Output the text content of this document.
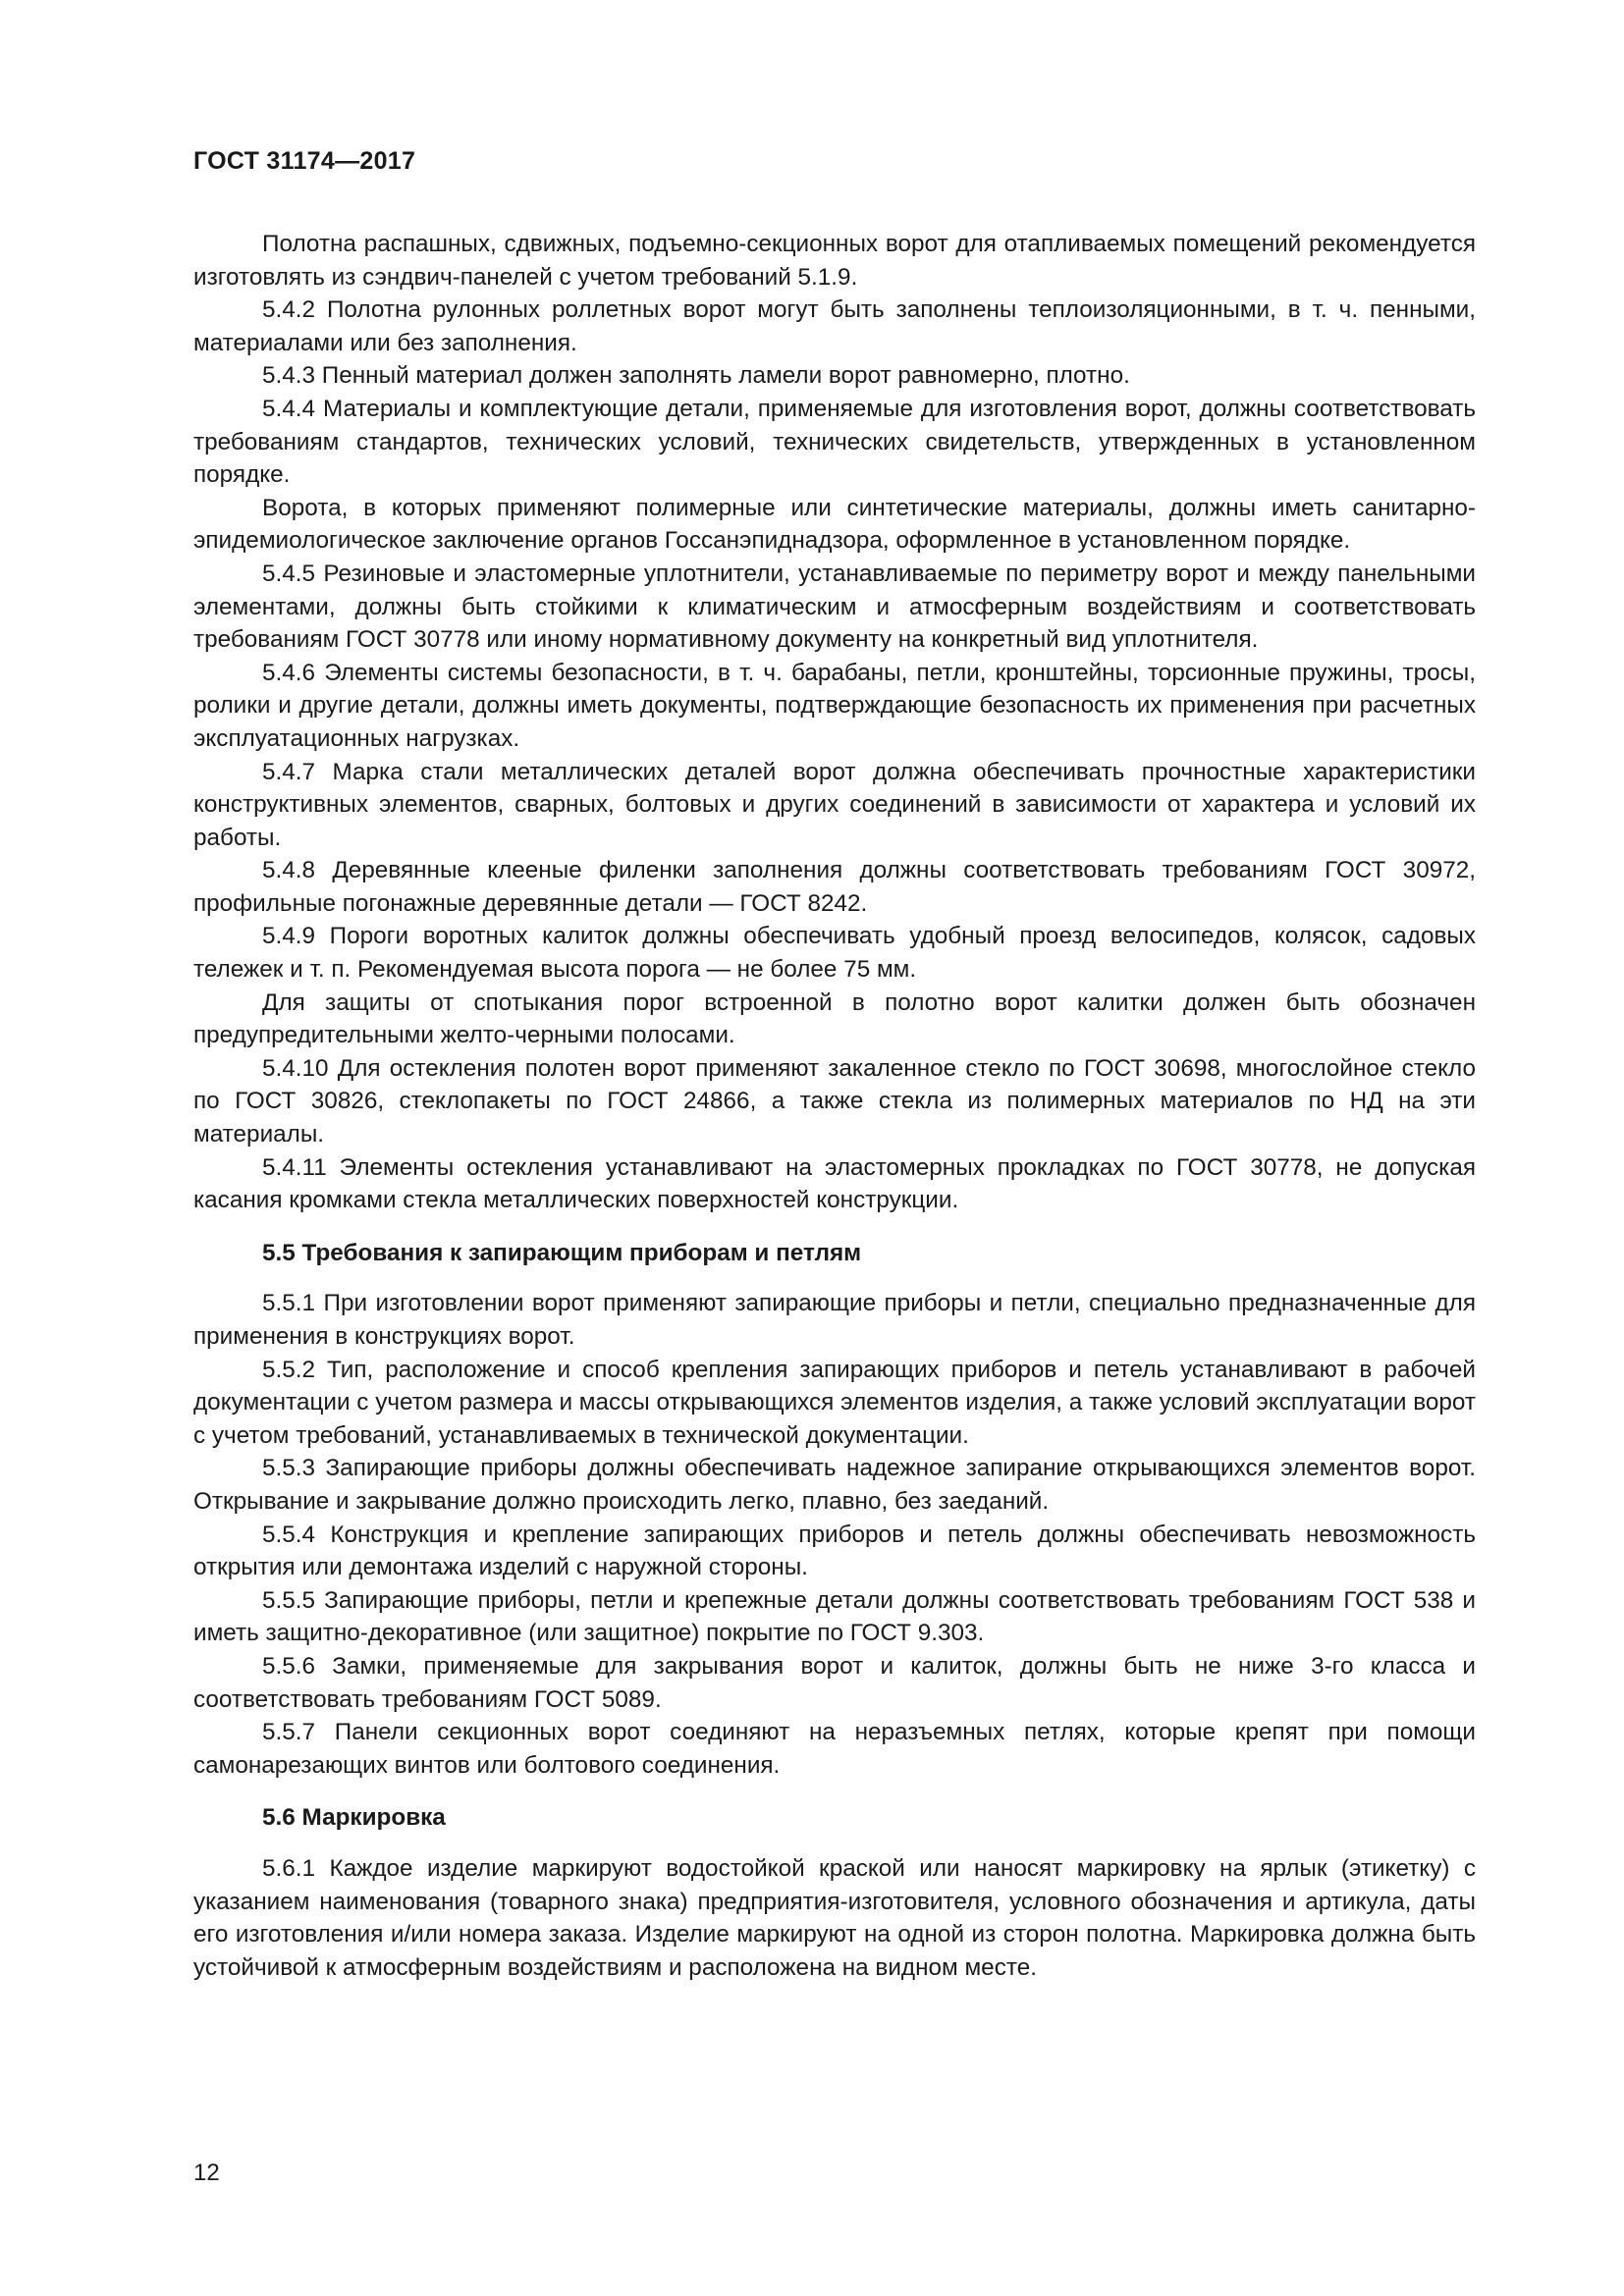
ГОСТ 31174—2017

Полотна распашных, сдвижных, подъемно-секционных ворот для отапливаемых помещений рекомендуется изготовлять из сэндвич-панелей с учетом требований 5.1.9.

5.4.2 Полотна рулонных роллетных ворот могут быть заполнены теплоизоляционными, в т. ч. пенными, материалами или без заполнения.

5.4.3 Пенный материал должен заполнять ламели ворот равномерно, плотно.

5.4.4 Материалы и комплектующие детали, применяемые для изготовления ворот, должны соответствовать требованиям стандартов, технических условий, технических свидетельств, утвержденных в установленном порядке.

Ворота, в которых применяют полимерные или синтетические материалы, должны иметь санитарно-эпидемиологическое заключение органов Госсанэпиднадзора, оформленное в установленном порядке.

5.4.5 Резиновые и эластомерные уплотнители, устанавливаемые по периметру ворот и между панельными элементами, должны быть стойкими к климатическим и атмосферным воздействиям и соответствовать требованиям ГОСТ 30778 или иному нормативному документу на конкретный вид уплотнителя.

5.4.6 Элементы системы безопасности, в т. ч. барабаны, петли, кронштейны, торсионные пружины, тросы, ролики и другие детали, должны иметь документы, подтверждающие безопасность их применения при расчетных эксплуатационных нагрузках.

5.4.7 Марка стали металлических деталей ворот должна обеспечивать прочностные характеристики конструктивных элементов, сварных, болтовых и других соединений в зависимости от характера и условий их работы.

5.4.8 Деревянные клееные филенки заполнения должны соответствовать требованиям ГОСТ 30972, профильные погонажные деревянные детали — ГОСТ 8242.

5.4.9 Пороги воротных калиток должны обеспечивать удобный проезд велосипедов, колясок, садовых тележек и т. п. Рекомендуемая высота порога — не более 75 мм.

Для защиты от спотыкания порог встроенной в полотно ворот калитки должен быть обозначен предупредительными желто-черными полосами.

5.4.10 Для остекления полотен ворот применяют закаленное стекло по ГОСТ 30698, многослойное стекло по ГОСТ 30826, стеклопакеты по ГОСТ 24866, а также стекла из полимерных материалов по НД на эти материалы.

5.4.11 Элементы остекления устанавливают на эластомерных прокладках по ГОСТ 30778, не допуская касания кромками стекла металлических поверхностей конструкции.

5.5 Требования к запирающим приборам и петлям

5.5.1 При изготовлении ворот применяют запирающие приборы и петли, специально предназначенные для применения в конструкциях ворот.

5.5.2 Тип, расположение и способ крепления запирающих приборов и петель устанавливают в рабочей документации с учетом размера и массы открывающихся элементов изделия, а также условий эксплуатации ворот с учетом требований, устанавливаемых в технической документации.

5.5.3 Запирающие приборы должны обеспечивать надежное запирание открывающихся элементов ворот. Открывание и закрывание должно происходить легко, плавно, без заеданий.

5.5.4 Конструкция и крепление запирающих приборов и петель должны обеспечивать невозможность открытия или демонтажа изделий с наружной стороны.

5.5.5 Запирающие приборы, петли и крепежные детали должны соответствовать требованиям ГОСТ 538 и иметь защитно-декоративное (или защитное) покрытие по ГОСТ 9.303.

5.5.6 Замки, применяемые для закрывания ворот и калиток, должны быть не ниже 3-го класса и соответствовать требованиям ГОСТ 5089.

5.5.7 Панели секционных ворот соединяют на неразъемных петлях, которые крепят при помощи самонарезающих винтов или болтового соединения.

5.6 Маркировка

5.6.1 Каждое изделие маркируют водостойкой краской или наносят маркировку на ярлык (этикетку) с указанием наименования (товарного знака) предприятия-изготовителя, условного обозначения и артикула, даты его изготовления и/или номера заказа. Изделие маркируют на одной из сторон полотна. Маркировка должна быть устойчивой к атмосферным воздействиям и расположена на видном месте.

12
